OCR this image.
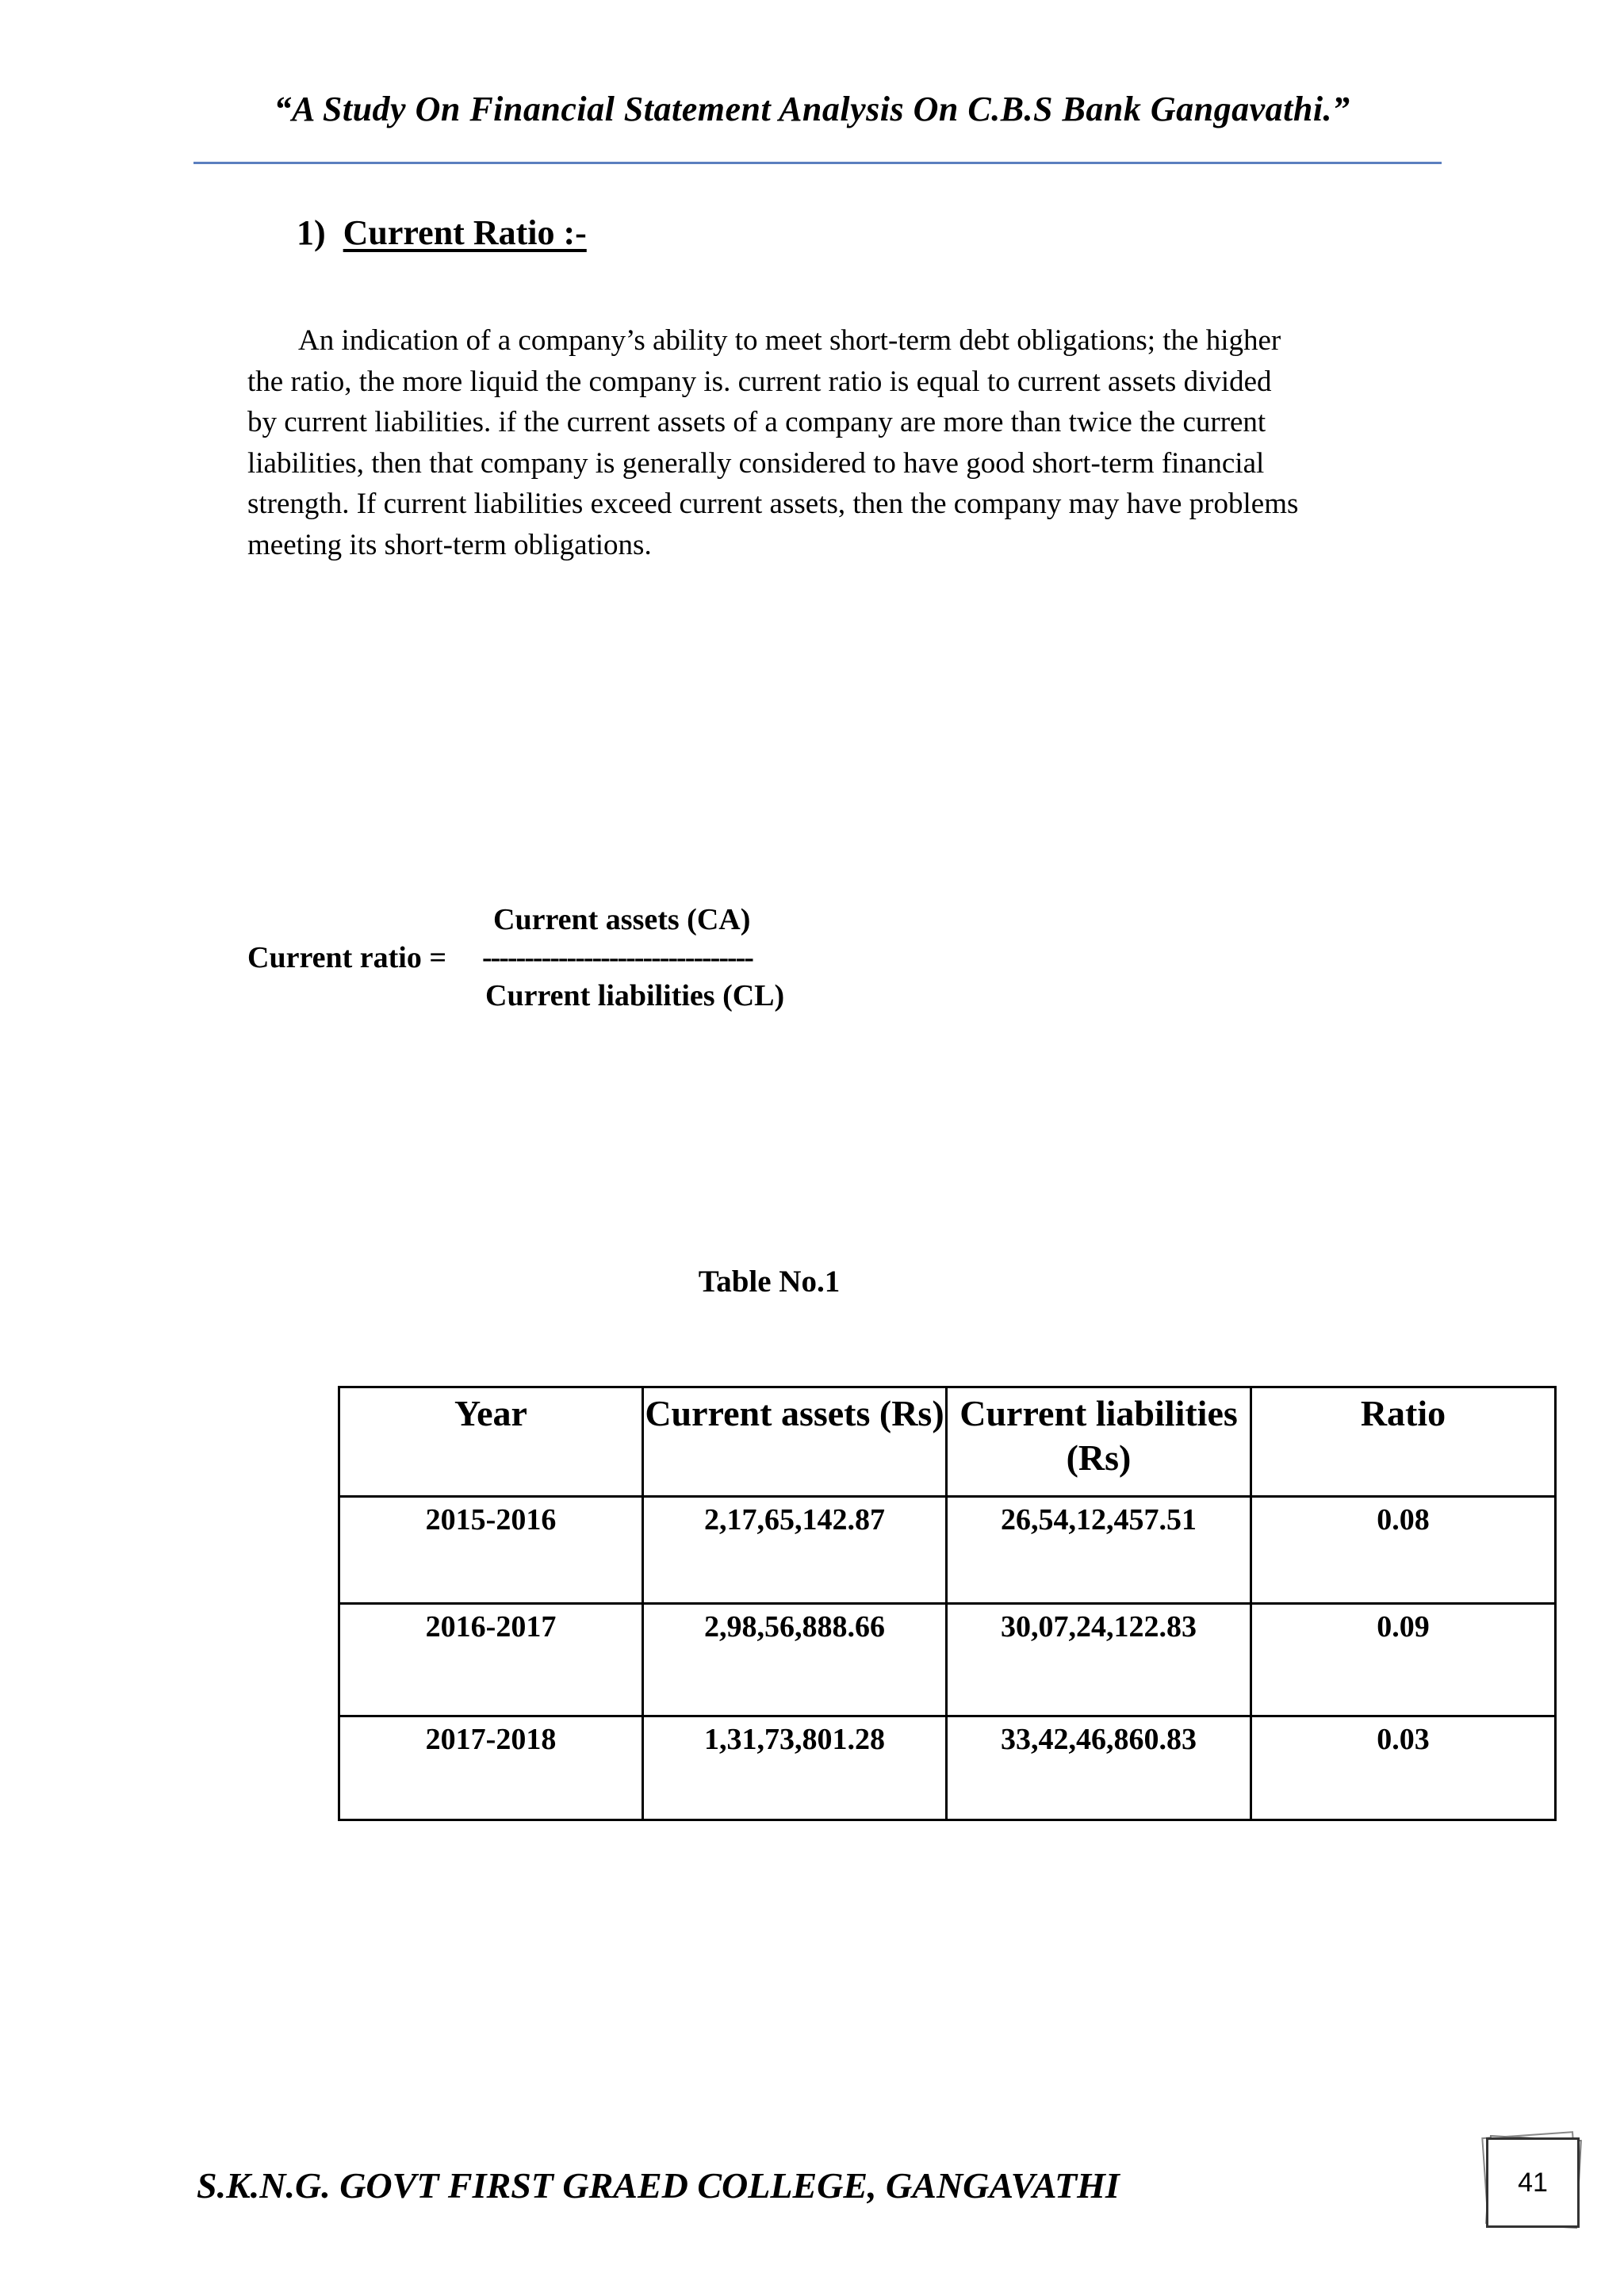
“A Study On Financial Statement Analysis On C.B.S Bank Gangavathi.”
1) Current Ratio :-
An indication of a company’s ability to meet short-term debt obligations; the higher
the ratio, the more liquid the company is. current ratio is equal to current assets divided
by current liabilities. if the current assets of a company are more than twice the current
liabilities, then that company is generally considered to have good short-term financial
strength. If current liabilities exceed current assets, then the company may have problems
meeting its short-term obligations.
Current assets (CA)
Current ratio = --------------------------------
Current liabilities (CL)
Table No.1
Year	Current assets (Rs)	Current liabilities (Rs)	Ratio
2015-2016	2,17,65,142.87	26,54,12,457.51	0.08
2016-2017	2,98,56,888.66	30,07,24,122.83	0.09
2017-2018	1,31,73,801.28	33,42,46,860.83	0.03
S.K.N.G. GOVT FIRST GRAED COLLEGE, GANGAVATHI	41
